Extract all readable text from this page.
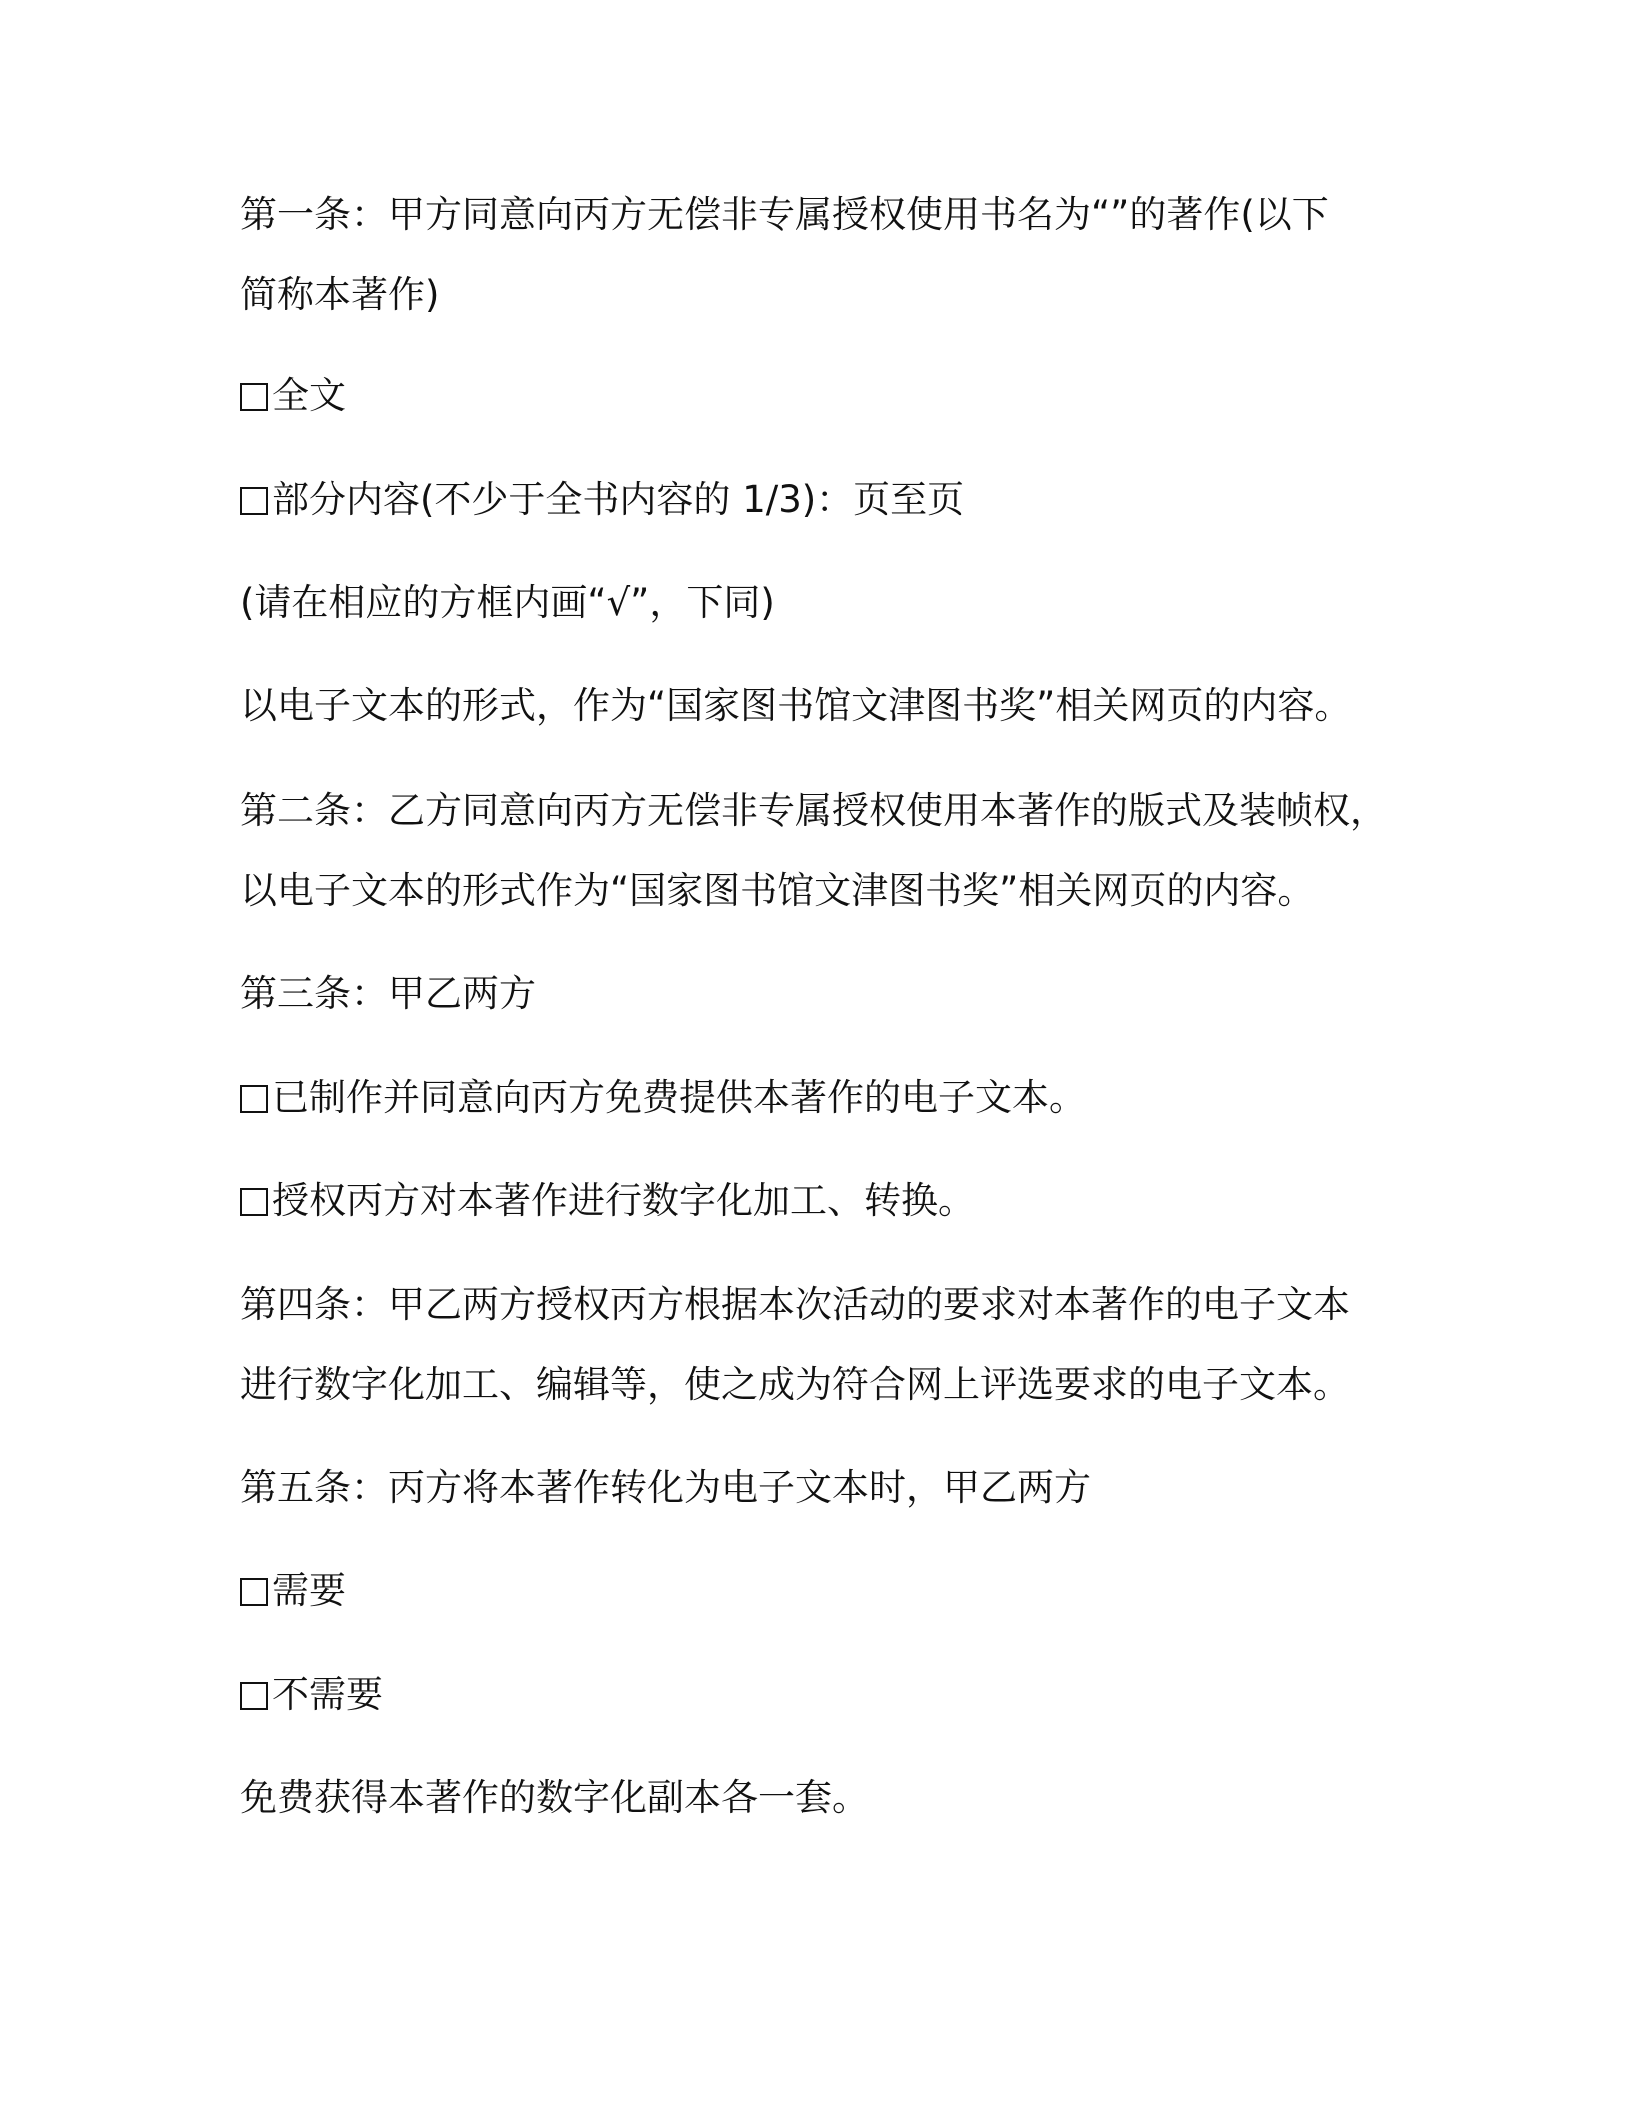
第一条：甲方同意向丙方无偿非专属授权使用书名为“”的著作(以下

简称本著作)

全文
部分内容(不少于全书内容的 1/3)：页至页

(请在相应的方框内画“√”，下同)

以电子文本的形式，作为“国家图书馆文津图书奖”相关网页的内容。

第二条：乙方同意向丙方无偿非专属授权使用本著作的版式及装帧权，

以电子文本的形式作为“国家图书馆文津图书奖”相关网页的内容。

第三条：甲乙两方

已制作并同意向丙方免费提供本著作的电子文本。
授权丙方对本著作进行数字化加工、转换。

第四条：甲乙两方授权丙方根据本次活动的要求对本著作的电子文本

进行数字化加工、编辑等，使之成为符合网上评选要求的电子文本。

第五条：丙方将本著作转化为电子文本时，甲乙两方

需要
不需要

免费获得本著作的数字化副本各一套。
